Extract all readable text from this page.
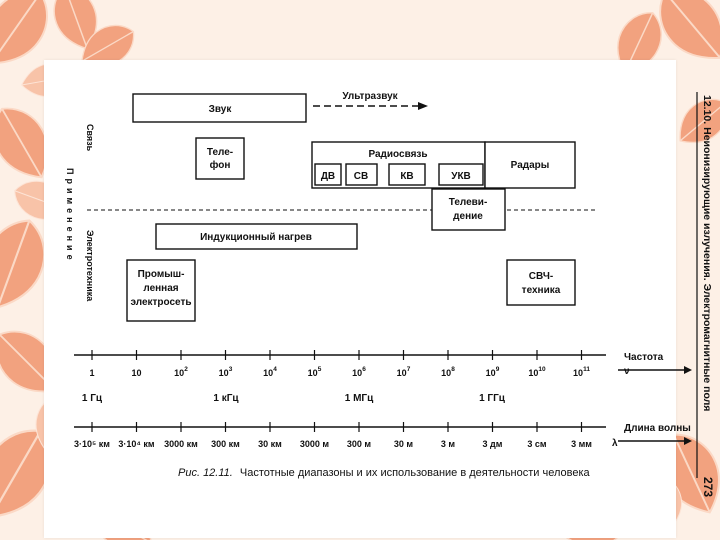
Применение
Связь
Электротехника
Звук
Ультразвук
Теле-
фон
Радиосвязь
ДВ СВ	КВ	УКВ
Радары
Телеви-
дение
Индукционный нагрев
Промыш-
ленная
электросеть
СВЧ-
техника
Частота
ν
1	10	$10^2$	$10^3$	$10^4$	$10^5$	$10^6$	$10^7$	$10^8$	$10^9$	$10^{10}$	$10^{11}$
1 Гц	1 кГц	1 МГц	1 ГГц
Длина волны
λ
3·10⁵ км 3·10⁴ км 3000 км 300 км 30 км 3000 м 300 м	30 м	3 м	3 дм	3 см	3 мм
Рис. 12.11. Частотные диапазоны и их использование в деятельности человека
12.10. Неионизирующие излучения. Электромагнитные поля
273
